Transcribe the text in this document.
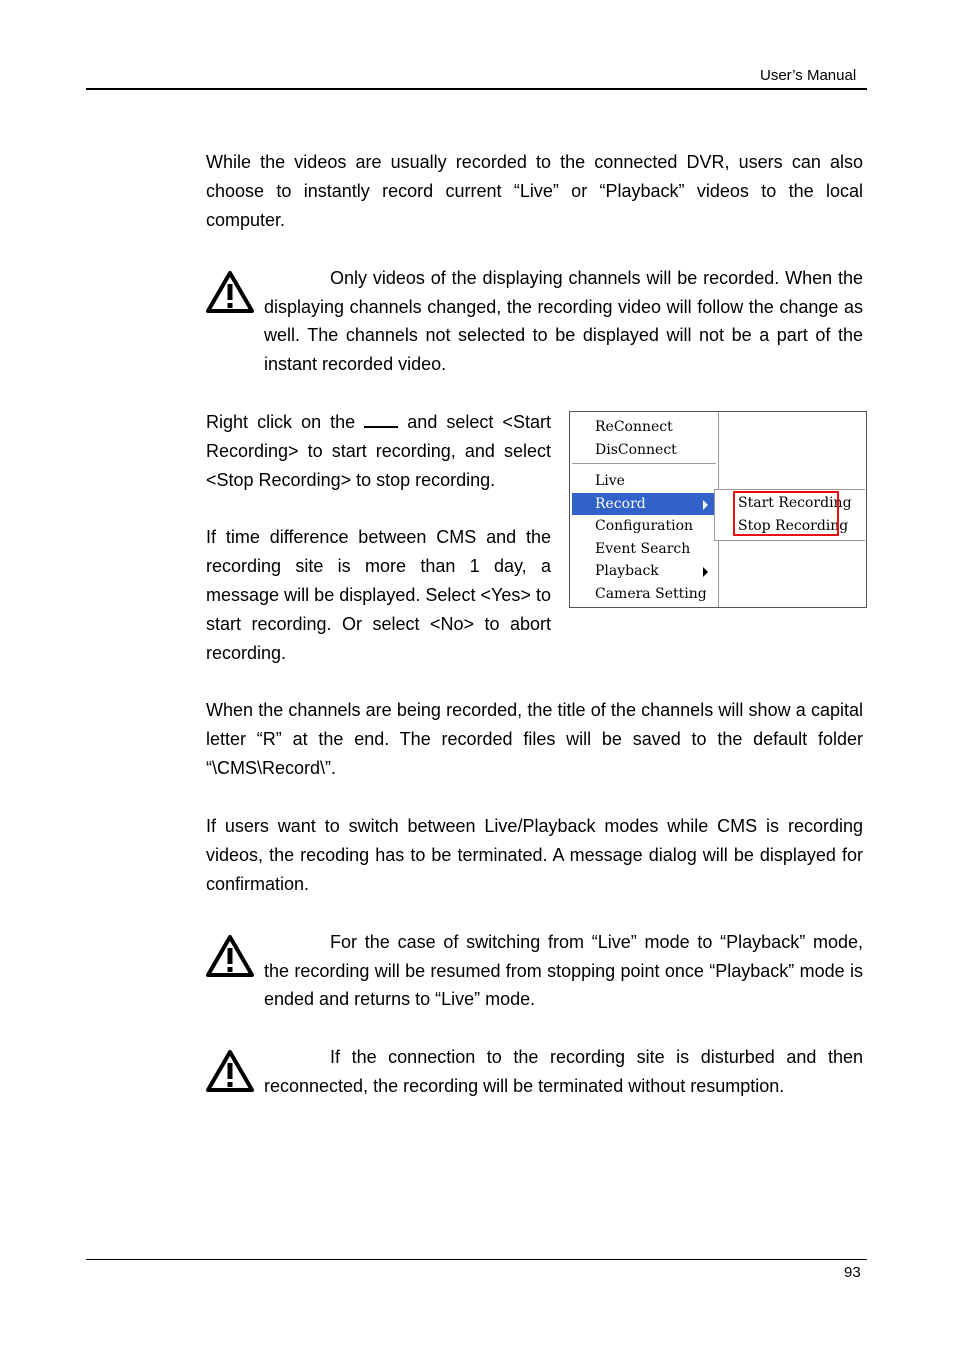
User’s Manual
While the videos are usually recorded to the connected DVR, users can also choose to instantly record current “Live” or “Playback” videos to the local computer.
Only videos of the displaying channels will be recorded. When the displaying channels changed, the recording video will follow the change as well. The channels not selected to be displayed will not be a part of the instant recorded video.
Right click on the	and select <Start Recording> to start recording, and select <Stop Recording> to stop recording.
If time difference between CMS and the recording site is more than 1 day, a message will be displayed. Select <Yes> to start recording. Or select <No> to abort recording.
ReConnect
DisConnect
Live
Record
Configuration
Event Search
Playback
Camera Setting
Start Recording
Stop Recording
When the channels are being recorded, the title of the channels will show a capital letter “R” at the end. The recorded files will be saved to the default folder “\CMS\Record\”.
If users want to switch between Live/Playback modes while CMS is recording videos, the recoding has to be terminated. A message dialog will be displayed for confirmation.
For the case of switching from “Live” mode to “Playback” mode, the recording will be resumed from stopping point once “Playback” mode is ended and returns to “Live” mode.
If the connection to the recording site is disturbed and then reconnected, the recording will be terminated without resumption.
93
